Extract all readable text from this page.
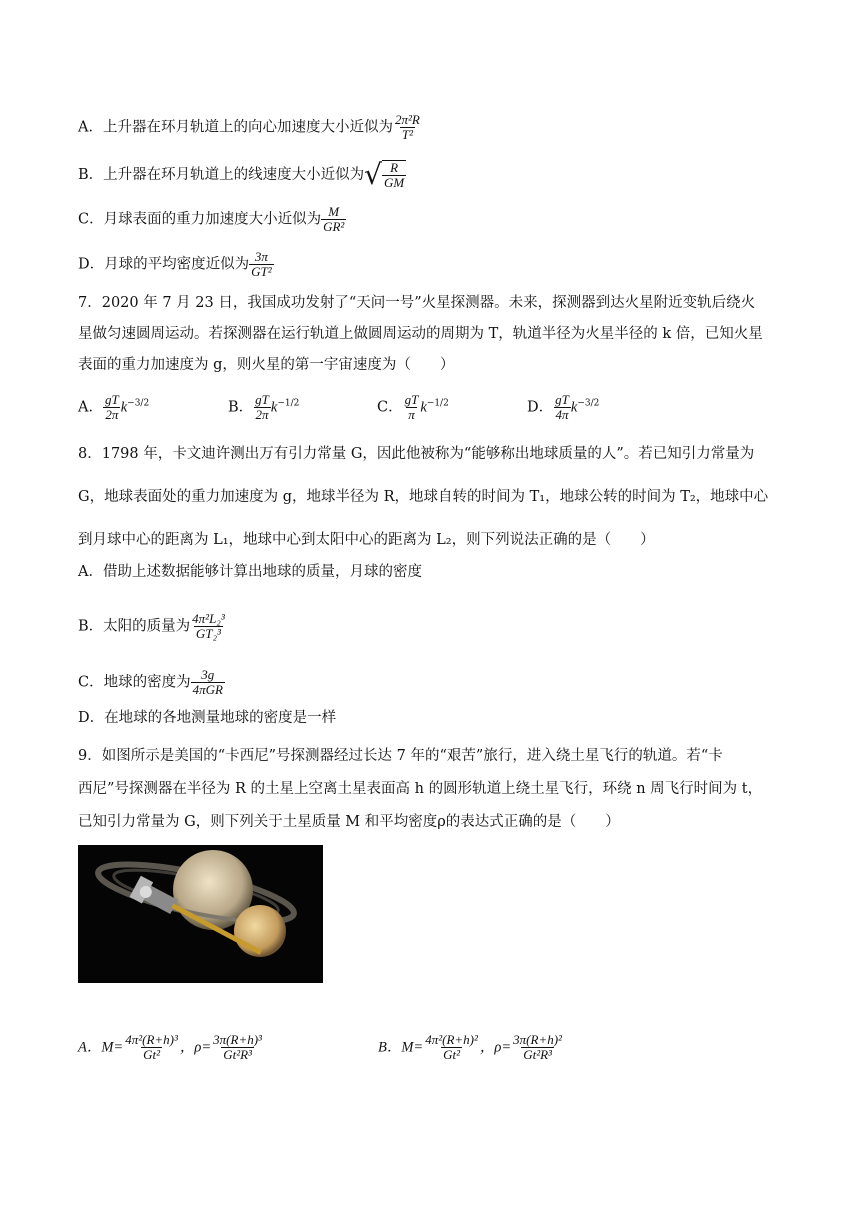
A．上升器在环月轨道上的向心加速度大小近似为 $\frac{\text{2π²R}}{\text{T²}}$
B．上升器在环月轨道上的线速度大小近似为 √ $\frac{R}{GM}$
C．月球表面的重力加速度大小近似为 $\frac{M}{\text{GR²}}$
D．月球的平均密度近似为 $\frac{3\pi}{\text{GT²}}$
7．2020 年 7 月 23 日，我国成功发射了“天问一号”火星探测器。未来，探测器到达火星附近变轨后绕火
星做匀速圆周运动。若探测器在运行轨道上做圆周运动的周期为 T，轨道半径为火星半径的 k 倍，已知火星
表面的重力加速度为 g，则火星的第一宇宙速度为（　　）
A． $\frac{gT}{2\pi} k^{-3/2}$	B． $\frac{gT}{2\pi} k^{-1/2}$	C． $\frac{gT}{\pi} k^{-1/2}$	D． $\frac{gT}{4\pi} k^{-3/2}$
8．1798 年，卡文迪许测出万有引力常量 G，因此他被称为“能够称出地球质量的人”。若已知引力常量为
G，地球表面处的重力加速度为 g，地球半径为 R，地球自转的时间为 T₁，地球公转的时间为 T₂，地球中心
到月球中心的距离为 L₁，地球中心到太阳中心的距离为 L₂，则下列说法正确的是（　　）
A．借助上述数据能够计算出地球的质量，月球的密度
B．太阳的质量为 $\frac{\text{4π²L₂³}}{\text{GT₂³}}$
C．地球的密度为 $\frac{3g}{\text{4πGR}}$
D．在地球的各地测量地球的密度是一样
9．如图所示是美国的“卡西尼”号探测器经过长达 7 年的“艰苦”旅行，进入绕土星飞行的轨道。若“卡
西尼”号探测器在半径为 R 的土星上空离土星表面高 h 的圆形轨道上绕土星飞行，环绕 n 周飞行时间为 t，
已知引力常量为 G，则下列关于土星质量 M 和平均密度ρ的表达式正确的是（　　）
A．$M= \frac{\text{4π²(R+h)³}}{\text{Gt²}}$ ，$\rho= \frac{\text{3π(R+h)³}}{\text{Gt²R³}}$	B．$M= \frac{\text{4π²(R+h)²}}{\text{Gt²}}$ ，$\rho= \frac{\text{3π(R+h)²}}{\text{Gt²R³}}$
